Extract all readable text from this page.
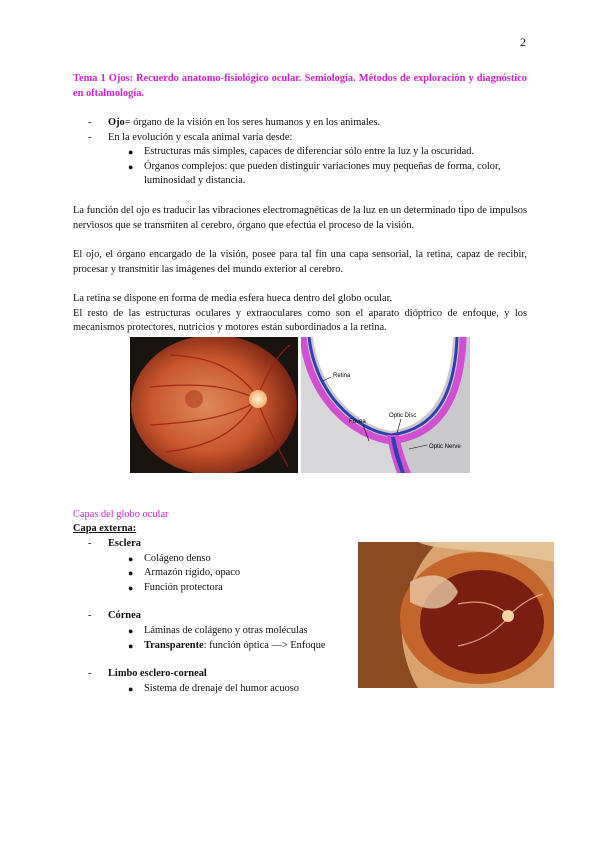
2
Tema 1 Ojos: Recuerdo anatomo-fisiológico ocular. Semiología. Métodos de exploración y diagnóstico en oftalmología.
-	Ojo= órgano de la visión en los seres humanos y en los animales.
-	En la evolución y escala animal varía desde:
●	Estructuras más simples, capaces de diferenciar sólo entre la luz y la oscuridad.
●	Órganos complejos: que pueden distinguir variaciones muy pequeñas de forma, color,
luminosidad y distancia.
La función del ojo es traducir las vibraciones electromagnéticas de la luz en un determinado tipo de impulsos nerviosos que se transmiten al cerebro, órgano que efectúa el proceso de la visión.
El ojo, el órgano encargado de la visión, posee para tal fin una capa sensorial, la retina, capaz de recibir, procesar y transmitir las imágenes del mundo exterior al cerebro.
La retina se dispone en forma de media esfera hueca dentro del globo ocular.
El resto de las estructuras oculares y extraoculares como son el aparato dióptrico de enfoque, y los mecanismos protectores, nutricios y motores están subordinados a la retina.
Retina
Fovea
Optic Disc
Optic Nerve
Capas del globo ocular
Capa externa:
-	Esclera
●	Colágeno denso
●	Armazón rígido, opaco
●	Función protectora
-	Córnea
●	Láminas de colágeno y otras moléculas
●	Transparente: función óptica —> Enfoque
-	Limbo esclero-corneal
●	Sistema de drenaje del humor acuoso
